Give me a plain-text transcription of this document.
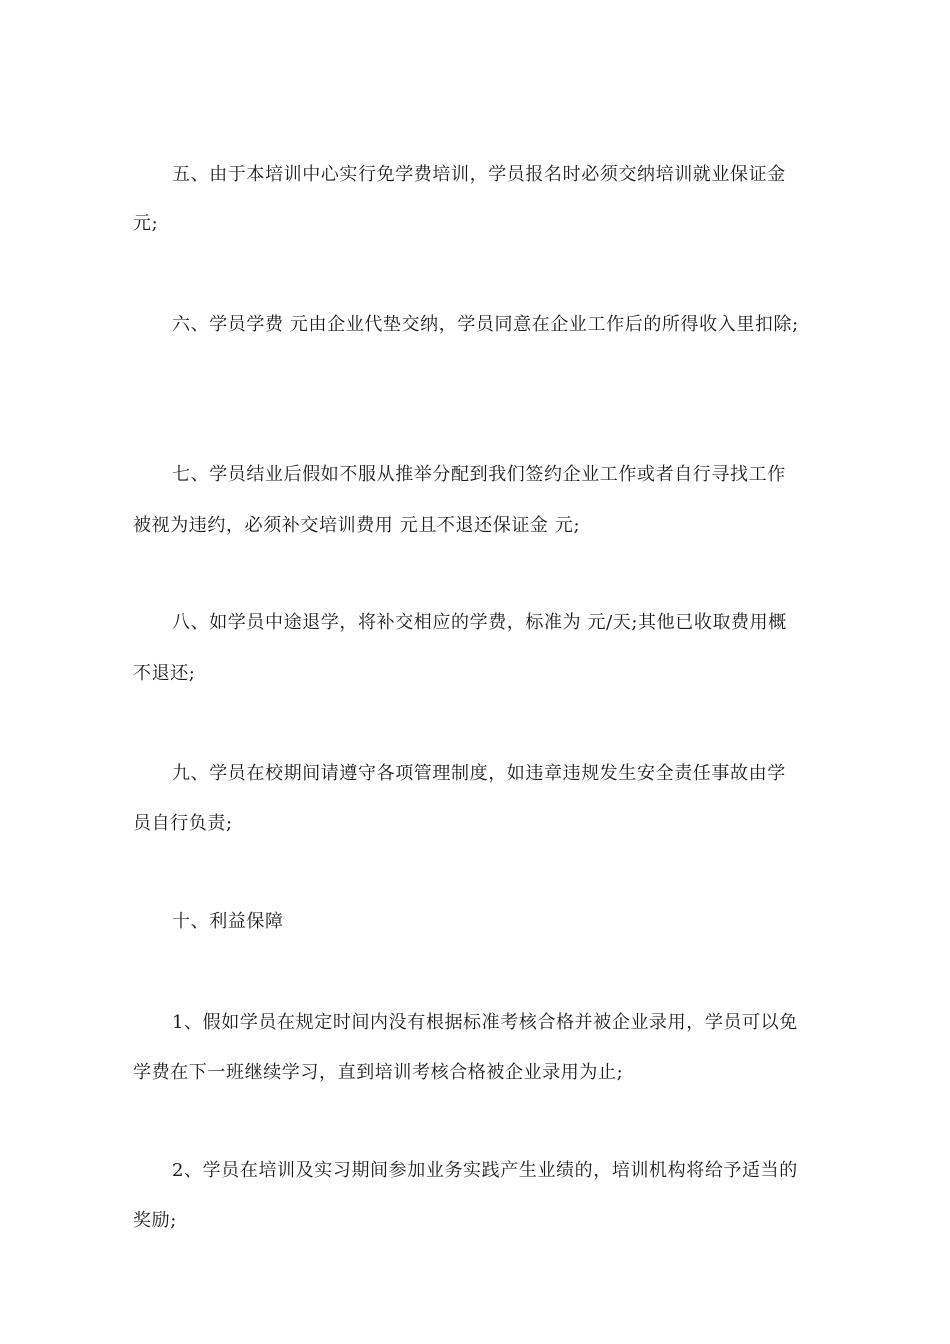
五、由于本培训中心实行免学费培训，学员报名时必须交纳培训就业保证金
元;
六、学员学费 元由企业代垫交纳，学员同意在企业工作后的所得收入里扣除;
七、学员结业后假如不服从推举分配到我们签约企业工作或者自行寻找工作
被视为违约，必须补交培训费用 元且不退还保证金 元;
八、如学员中途退学，将补交相应的学费，标准为 元/天;其他已收取费用概
不退还;
九、学员在校期间请遵守各项管理制度，如违章违规发生安全责任事故由学
员自行负责;
十、利益保障
1、假如学员在规定时间内没有根据标准考核合格并被企业录用，学员可以免
学费在下一班继续学习，直到培训考核合格被企业录用为止;
2、学员在培训及实习期间参加业务实践产生业绩的，培训机构将给予适当的
奖励;
